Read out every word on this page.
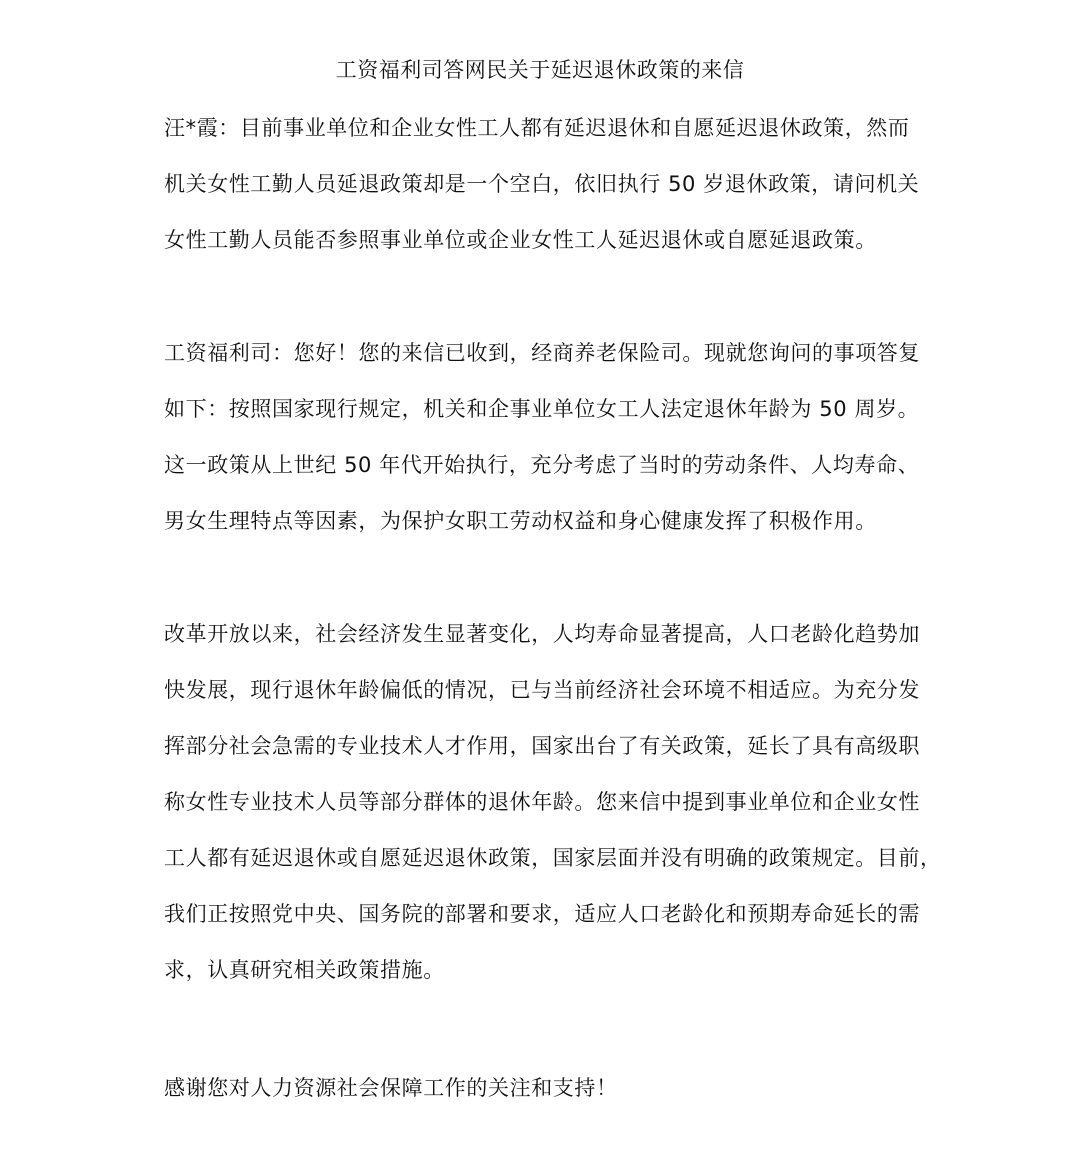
工资福利司答网民关于延迟退休政策的来信
汪*霞：目前事业单位和企业女性工人都有延迟退休和自愿延迟退休政策，然而
机关女性工勤人员延退政策却是一个空白，依旧执行 50 岁退休政策，请问机关
女性工勤人员能否参照事业单位或企业女性工人延迟退休或自愿延退政策。
工资福利司：您好！您的来信已收到，经商养老保险司。现就您询问的事项答复
如下：按照国家现行规定，机关和企事业单位女工人法定退休年龄为 50 周岁。
这一政策从上世纪 50 年代开始执行，充分考虑了当时的劳动条件、人均寿命、
男女生理特点等因素，为保护女职工劳动权益和身心健康发挥了积极作用。
改革开放以来，社会经济发生显著变化，人均寿命显著提高，人口老龄化趋势加
快发展，现行退休年龄偏低的情况，已与当前经济社会环境不相适应。为充分发
挥部分社会急需的专业技术人才作用，国家出台了有关政策，延长了具有高级职
称女性专业技术人员等部分群体的退休年龄。您来信中提到事业单位和企业女性
工人都有延迟退休或自愿延迟退休政策，国家层面并没有明确的政策规定。目前，
我们正按照党中央、国务院的部署和要求，适应人口老龄化和预期寿命延长的需
求，认真研究相关政策措施。
感谢您对人力资源社会保障工作的关注和支持！
